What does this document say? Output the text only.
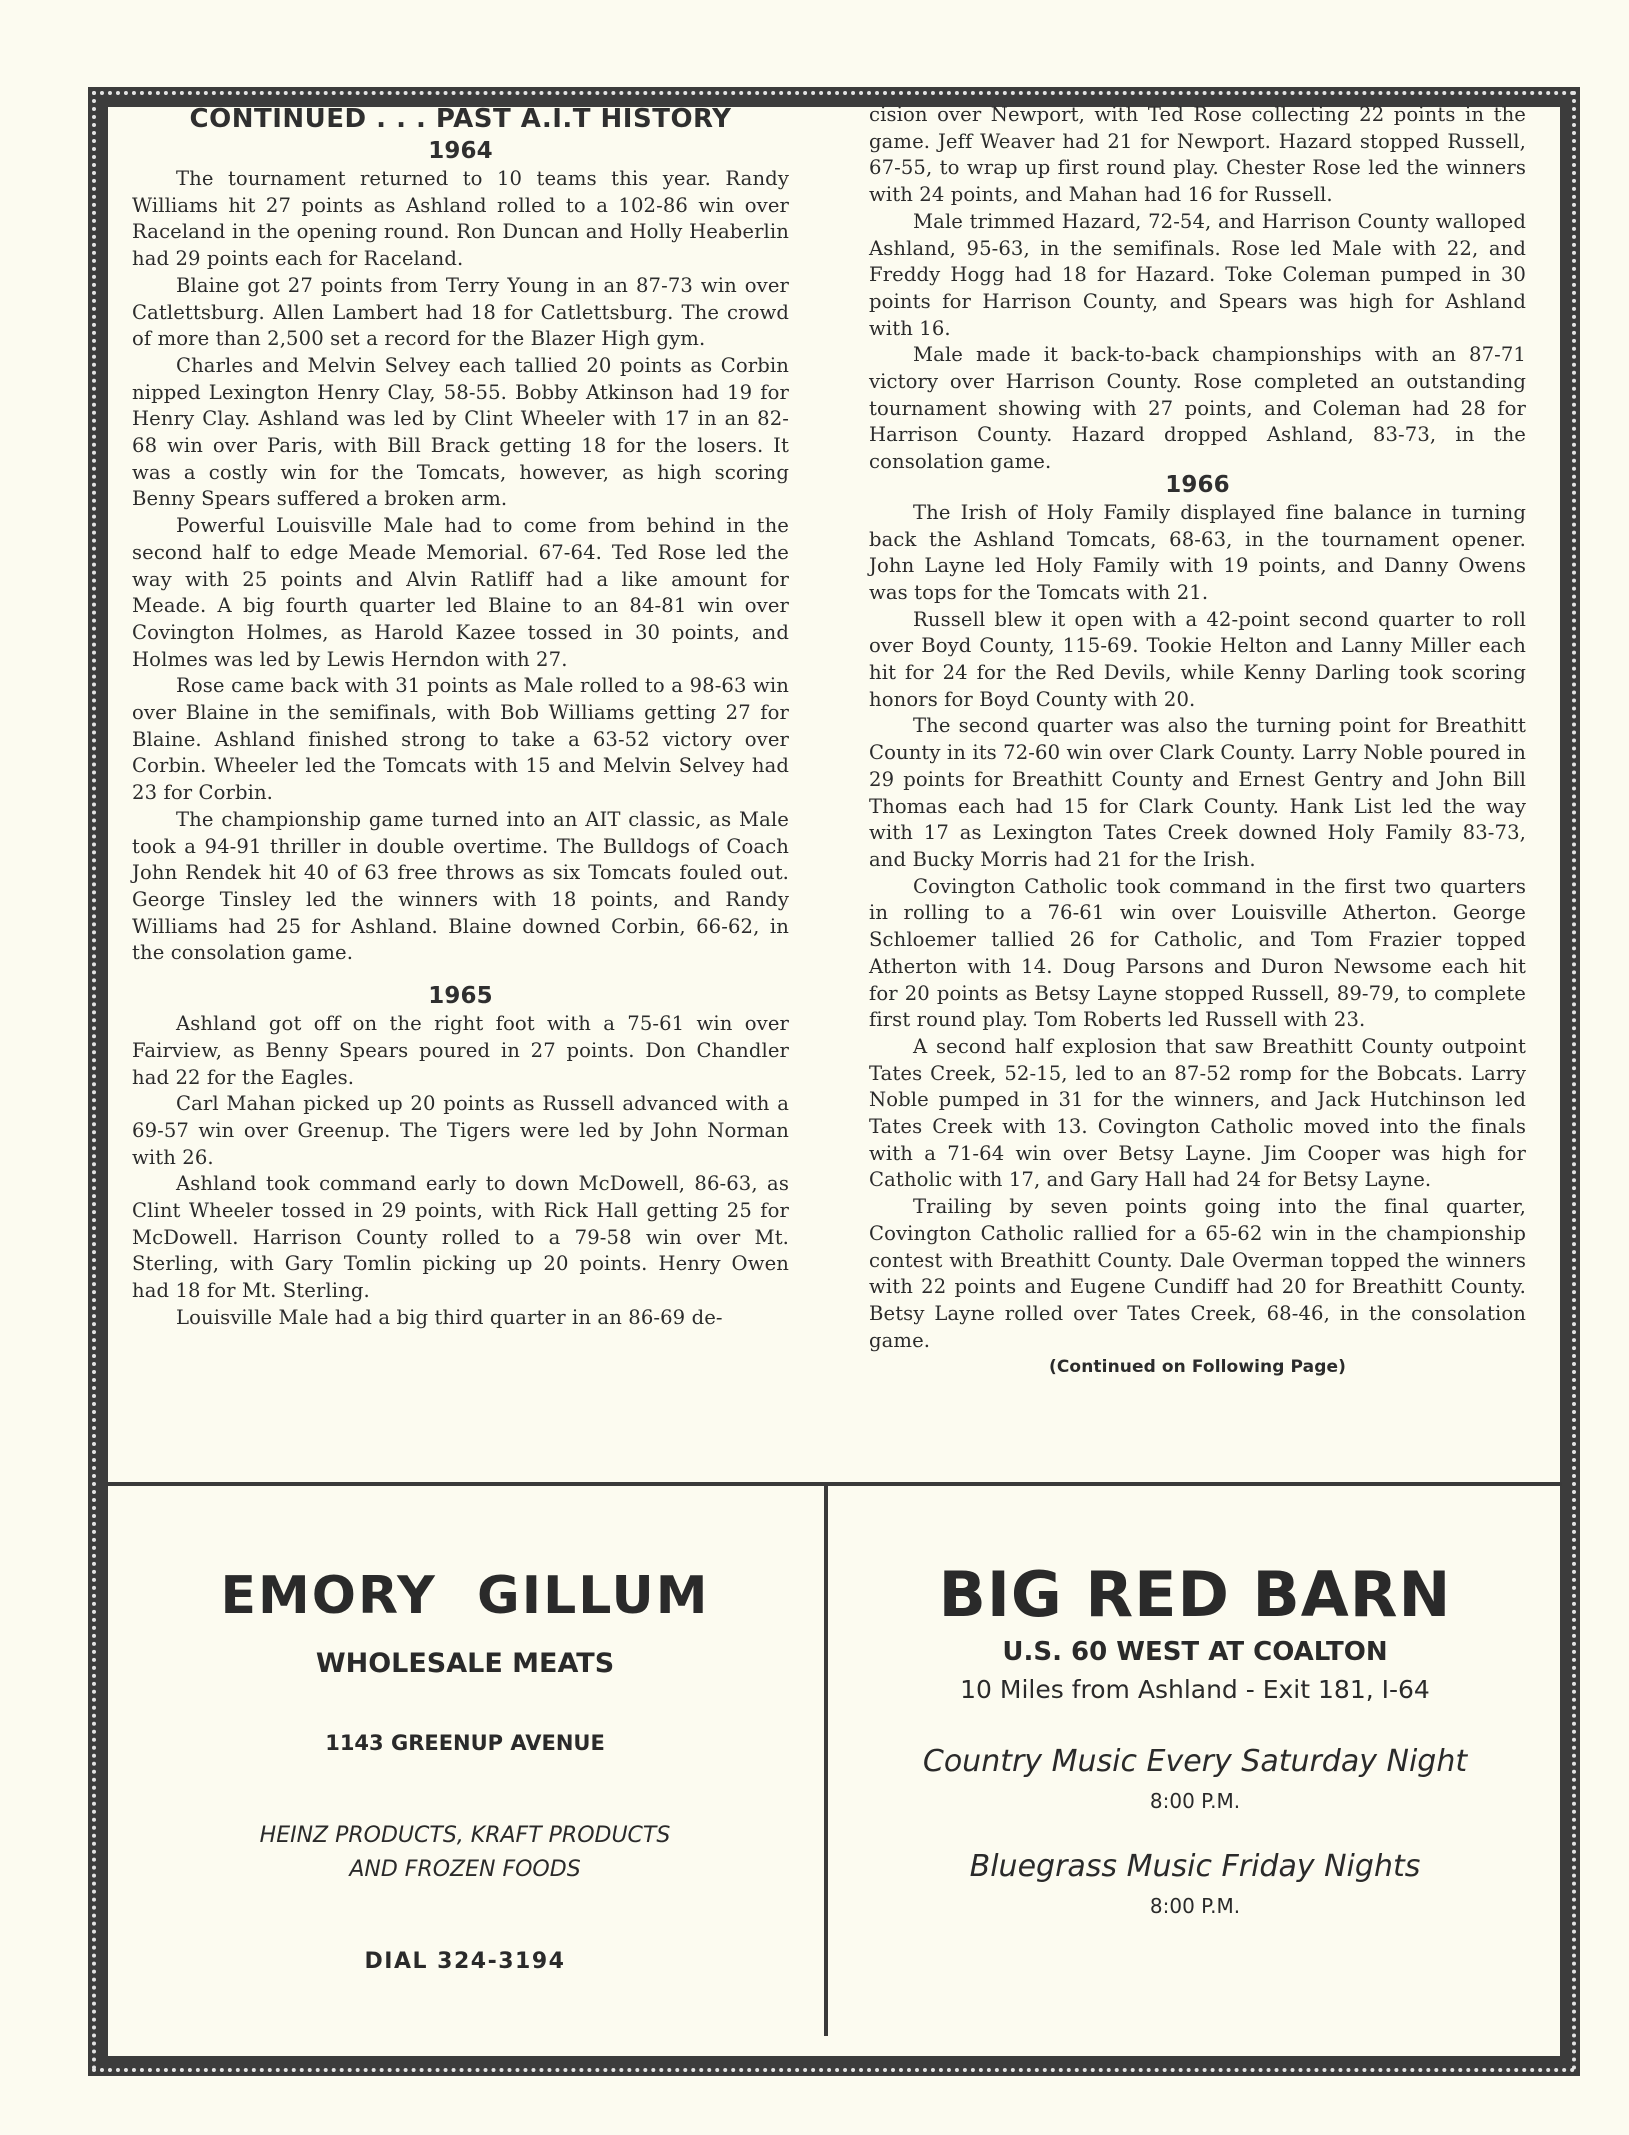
CONTINUED . . . PAST A.I.T HISTORY
1964

The tournament returned to 10 teams this year. Randy Williams hit 27 points as Ashland rolled to a 102-86 win over Raceland in the opening round. Ron Duncan and Holly Heaberlin had 29 points each for Raceland.

Blaine got 27 points from Terry Young in an 87-73 win over Catlettsburg. Allen Lambert had 18 for Catlettsburg. The crowd of more than 2,500 set a record for the Blazer High gym.

Charles and Melvin Selvey each tallied 20 points as Corbin nipped Lexington Henry Clay, 58-55. Bobby Atkinson had 19 for Henry Clay. Ashland was led by Clint Wheeler with 17 in an 82-68 win over Paris, with Bill Brack getting 18 for the losers. It was a costly win for the Tomcats, however, as high scoring Benny Spears suffered a broken arm.

Powerful Louisville Male had to come from behind in the second half to edge Meade Memorial. 67-64. Ted Rose led the way with 25 points and Alvin Ratliff had a like amount for Meade. A big fourth quarter led Blaine to an 84-81 win over Covington Holmes, as Harold Kazee tossed in 30 points, and Holmes was led by Lewis Herndon with 27.

Rose came back with 31 points as Male rolled to a 98-63 win over Blaine in the semifinals, with Bob Williams getting 27 for Blaine. Ashland finished strong to take a 63-52 victory over Corbin. Wheeler led the Tomcats with 15 and Melvin Selvey had 23 for Corbin.

The championship game turned into an AIT classic, as Male took a 94-91 thriller in double overtime. The Bulldogs of Coach John Rendek hit 40 of 63 free throws as six Tomcats fouled out. George Tinsley led the winners with 18 points, and Randy Williams had 25 for Ashland. Blaine downed Corbin, 66-62, in the consolation game.

1965

Ashland got off on the right foot with a 75-61 win over Fairview, as Benny Spears poured in 27 points. Don Chandler had 22 for the Eagles.

Carl Mahan picked up 20 points as Russell advanced with a 69-57 win over Greenup. The Tigers were led by John Norman with 26.

Ashland took command early to down McDowell, 86-63, as Clint Wheeler tossed in 29 points, with Rick Hall getting 25 for McDowell. Harrison County rolled to a 79-58 win over Mt. Sterling, with Gary Tomlin picking up 20 points. Henry Owen had 18 for Mt. Sterling.

Louisville Male had a big third quarter in an 86-69 de-

cision over Newport, with Ted Rose collecting 22 points in the game. Jeff Weaver had 21 for Newport. Hazard stopped Russell, 67-55, to wrap up first round play. Chester Rose led the winners with 24 points, and Mahan had 16 for Russell.

Male trimmed Hazard, 72-54, and Harrison County walloped Ashland, 95-63, in the semifinals. Rose led Male with 22, and Freddy Hogg had 18 for Hazard. Toke Coleman pumped in 30 points for Harrison County, and Spears was high for Ashland with 16.

Male made it back-to-back championships with an 87-71 victory over Harrison County. Rose completed an outstanding tournament showing with 27 points, and Coleman had 28 for Harrison County. Hazard dropped Ashland, 83-73, in the consolation game.

1966

The Irish of Holy Family displayed fine balance in turning back the Ashland Tomcats, 68-63, in the tournament opener. John Layne led Holy Family with 19 points, and Danny Owens was tops for the Tomcats with 21.

Russell blew it open with a 42-point second quarter to roll over Boyd County, 115-69. Tookie Helton and Lanny Miller each hit for 24 for the Red Devils, while Kenny Darling took scoring honors for Boyd County with 20.

The second quarter was also the turning point for Breathitt County in its 72-60 win over Clark County. Larry Noble poured in 29 points for Breathitt County and Ernest Gentry and John Bill Thomas each had 15 for Clark County. Hank List led the way with 17 as Lexington Tates Creek downed Holy Family 83-73, and Bucky Morris had 21 for the Irish.

Covington Catholic took command in the first two quarters in rolling to a 76-61 win over Louisville Atherton. George Schloemer tallied 26 for Catholic, and Tom Frazier topped Atherton with 14. Doug Parsons and Duron Newsome each hit for 20 points as Betsy Layne stopped Russell, 89-79, to complete first round play. Tom Roberts led Russell with 23.

A second half explosion that saw Breathitt County outpoint Tates Creek, 52-15, led to an 87-52 romp for the Bobcats. Larry Noble pumped in 31 for the winners, and Jack Hutchinson led Tates Creek with 13. Covington Catholic moved into the finals with a 71-64 win over Betsy Layne. Jim Cooper was high for Catholic with 17, and Gary Hall had 24 for Betsy Layne.

Trailing by seven points going into the final quarter, Covington Catholic rallied for a 65-62 win in the championship contest with Breathitt County. Dale Overman topped the winners with 22 points and Eugene Cundiff had 20 for Breathitt County. Betsy Layne rolled over Tates Creek, 68-46, in the consolation game.

(Continued on Following Page)
EMORY  GILLUM
WHOLESALE MEATS
1143 GREENUP AVENUE
HEINZ PRODUCTS, KRAFT PRODUCTS
AND FROZEN FOODS
DIAL 324-3194
BIG RED BARN
U.S. 60 WEST AT COALTON
10 Miles from Ashland - Exit 181, I-64
Country Music Every Saturday Night
8:00 P.M.
Bluegrass Music Friday Nights
8:00 P.M.
